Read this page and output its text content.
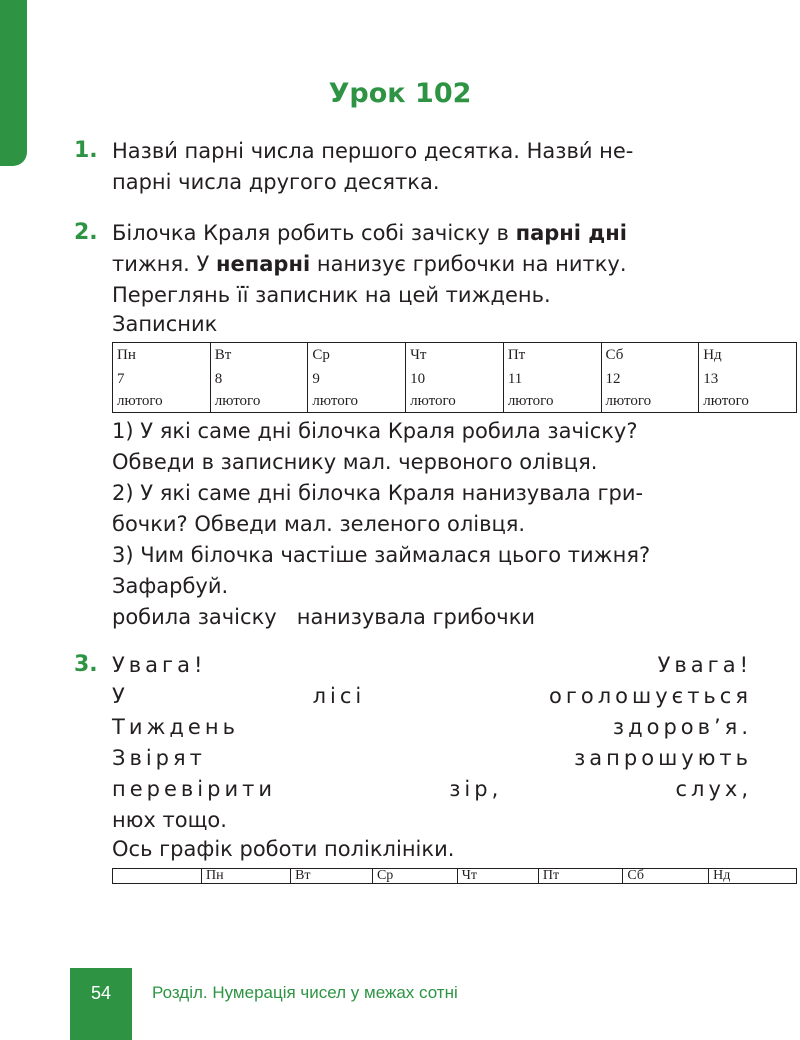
Урок 102
1. Назви́ парні числа першого десятка. Назви́ не-
парні числа другого десятка.
2. Білочка Краля робить собі зачіску в парні дні
тижня. У непарні нанизує грибочки на нитку.
Переглянь її записник на цей тиждень.
Записник
Пн	Вт	Ср	Чт	Пт	Сб	Нд
7	8	9	10	11	12	13
лютого	лютого	лютого	лютого	лютого	лютого	лютого
1) У які саме дні білочка Краля робила зачіску?
Обведи в записнику мал. червоного олівця.
2) У які саме дні білочка Краля нанизувала гри-
бочки? Обведи мал. зеленого олівця.
3) Чим білочка частіше займалася цього тижня?
Зафарбуй.
робила зачіску нанизувала грибочки
3. Увага!	Увага!
У	лісі	оголошується
Тиждень	здоров’я.
Звірят	запрошують
перевірити	зір,	слух,
нюх тощо.
Ось графік роботи поліклініки.
	Пн	Вт	Ср	Чт	Пт	Сб	Нд
54	Розділ. Нумерація чисел у межах сотні
